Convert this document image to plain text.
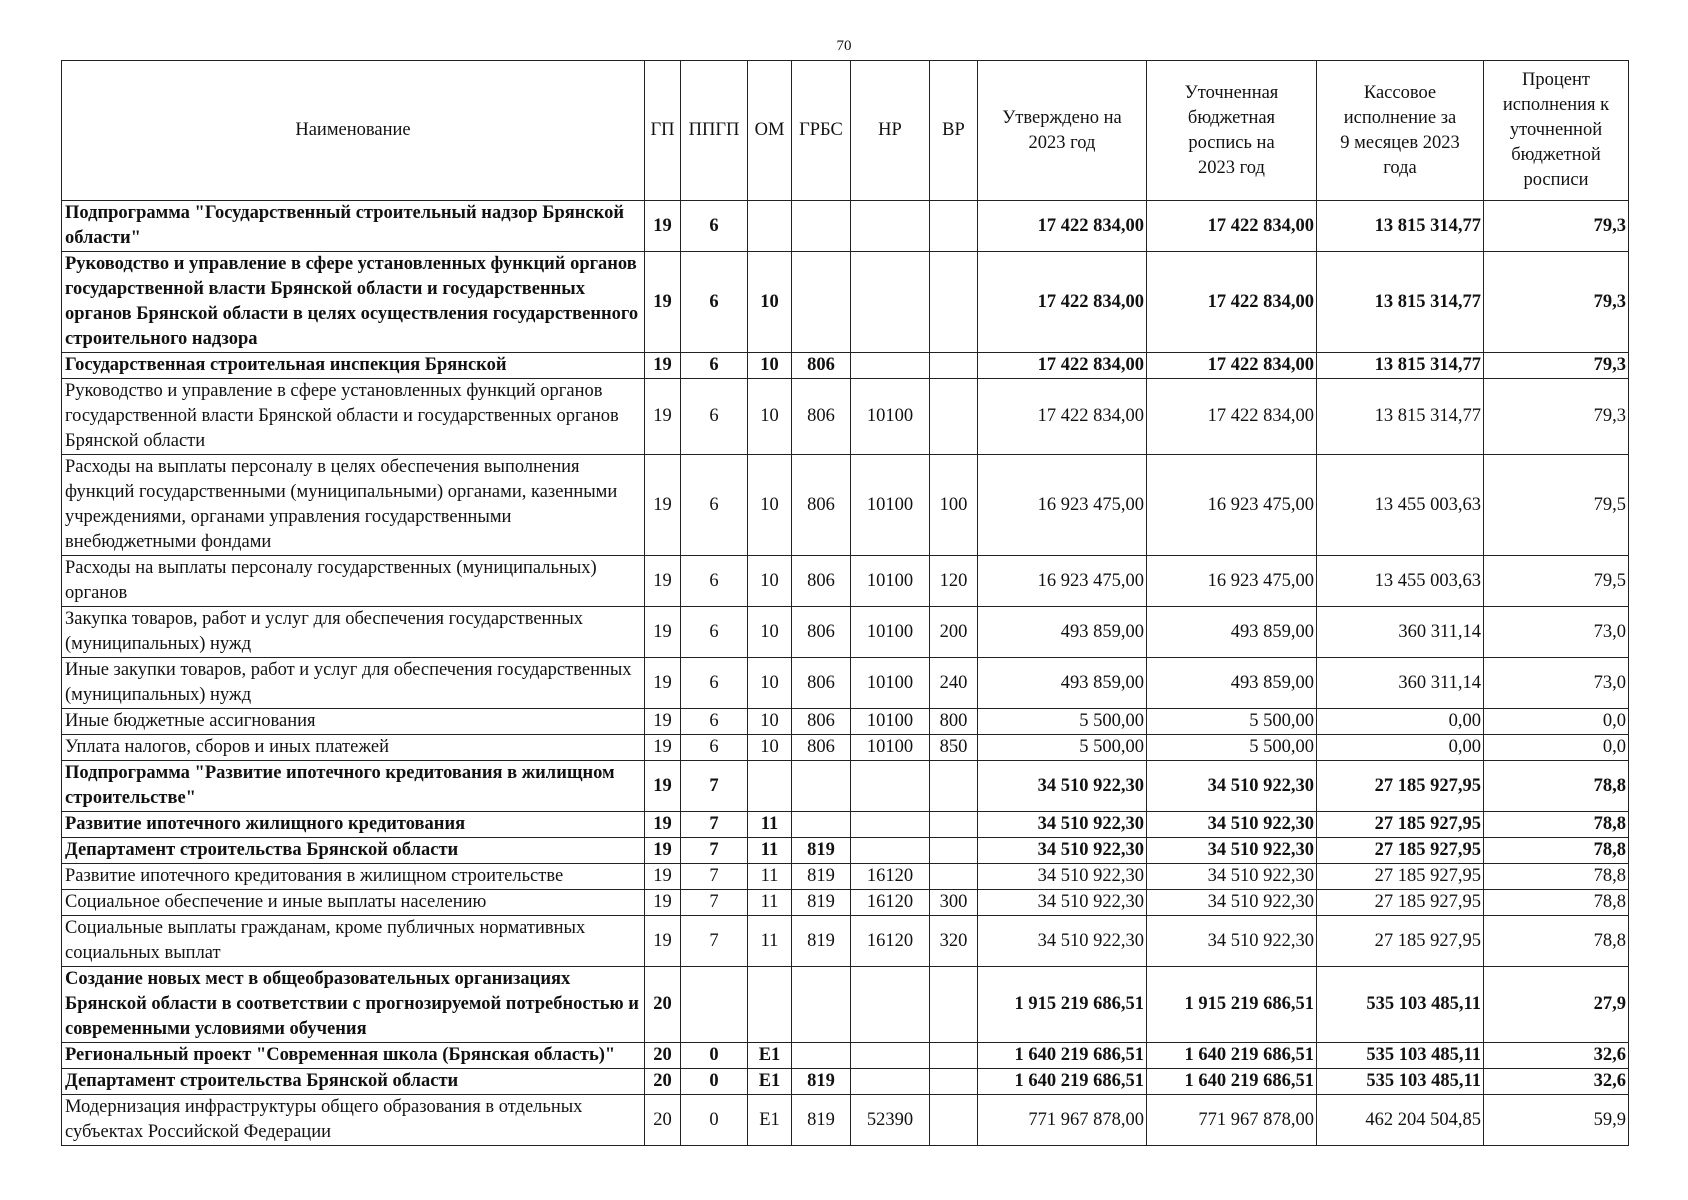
70
Наименование	ГП	ППГП	ОМ	ГРБС	НР	ВР	Утверждено на 2023 год	Уточненная бюджетная роспись на 2023 год	Кассовое исполнение за 9 месяцев 2023 года	Процент исполнения к уточненной бюджетной росписи
Подпрограмма "Государственный строительный надзор Брянской области"	19	6					17 422 834,00	17 422 834,00	13 815 314,77	79,3
Руководство и управление в сфере установленных функций органов государственной власти Брянской области и государственных органов Брянской области в целях осуществления государственного строительного надзора	19	6	10				17 422 834,00	17 422 834,00	13 815 314,77	79,3
Государственная строительная инспекция Брянской	19	6	10	806			17 422 834,00	17 422 834,00	13 815 314,77	79,3
Руководство и управление в сфере установленных функций органов государственной власти Брянской области и государственных органов Брянской области	19	6	10	806	10100		17 422 834,00	17 422 834,00	13 815 314,77	79,3
Расходы на выплаты персоналу в целях обеспечения выполнения функций государственными (муниципальными) органами, казенными учреждениями, органами управления государственными внебюджетными фондами	19	6	10	806	10100	100	16 923 475,00	16 923 475,00	13 455 003,63	79,5
Расходы на выплаты персоналу государственных (муниципальных) органов	19	6	10	806	10100	120	16 923 475,00	16 923 475,00	13 455 003,63	79,5
Закупка товаров, работ и услуг для обеспечения государственных (муниципальных) нужд	19	6	10	806	10100	200	493 859,00	493 859,00	360 311,14	73,0
Иные закупки товаров, работ и услуг для обеспечения государственных (муниципальных) нужд	19	6	10	806	10100	240	493 859,00	493 859,00	360 311,14	73,0
Иные бюджетные ассигнования	19	6	10	806	10100	800	5 500,00	5 500,00	0,00	0,0
Уплата налогов, сборов и иных платежей	19	6	10	806	10100	850	5 500,00	5 500,00	0,00	0,0
Подпрограмма "Развитие ипотечного кредитования в жилищном строительстве"	19	7					34 510 922,30	34 510 922,30	27 185 927,95	78,8
Развитие ипотечного жилищного кредитования	19	7	11				34 510 922,30	34 510 922,30	27 185 927,95	78,8
Департамент строительства Брянской области	19	7	11	819			34 510 922,30	34 510 922,30	27 185 927,95	78,8
Развитие ипотечного кредитования в жилищном строительстве	19	7	11	819	16120		34 510 922,30	34 510 922,30	27 185 927,95	78,8
Социальное обеспечение и иные выплаты населению	19	7	11	819	16120	300	34 510 922,30	34 510 922,30	27 185 927,95	78,8
Социальные выплаты гражданам, кроме публичных нормативных социальных выплат	19	7	11	819	16120	320	34 510 922,30	34 510 922,30	27 185 927,95	78,8
Создание новых мест в общеобразовательных организациях Брянской области в соответствии с прогнозируемой потребностью и современными условиями обучения	20						1 915 219 686,51	1 915 219 686,51	535 103 485,11	27,9
Региональный проект "Современная школа (Брянская область)"	20	0	E1				1 640 219 686,51	1 640 219 686,51	535 103 485,11	32,6
Департамент строительства Брянской области	20	0	E1	819			1 640 219 686,51	1 640 219 686,51	535 103 485,11	32,6
Модернизация инфраструктуры общего образования в отдельных субъектах Российской Федерации	20	0	E1	819	52390		771 967 878,00	771 967 878,00	462 204 504,85	59,9
